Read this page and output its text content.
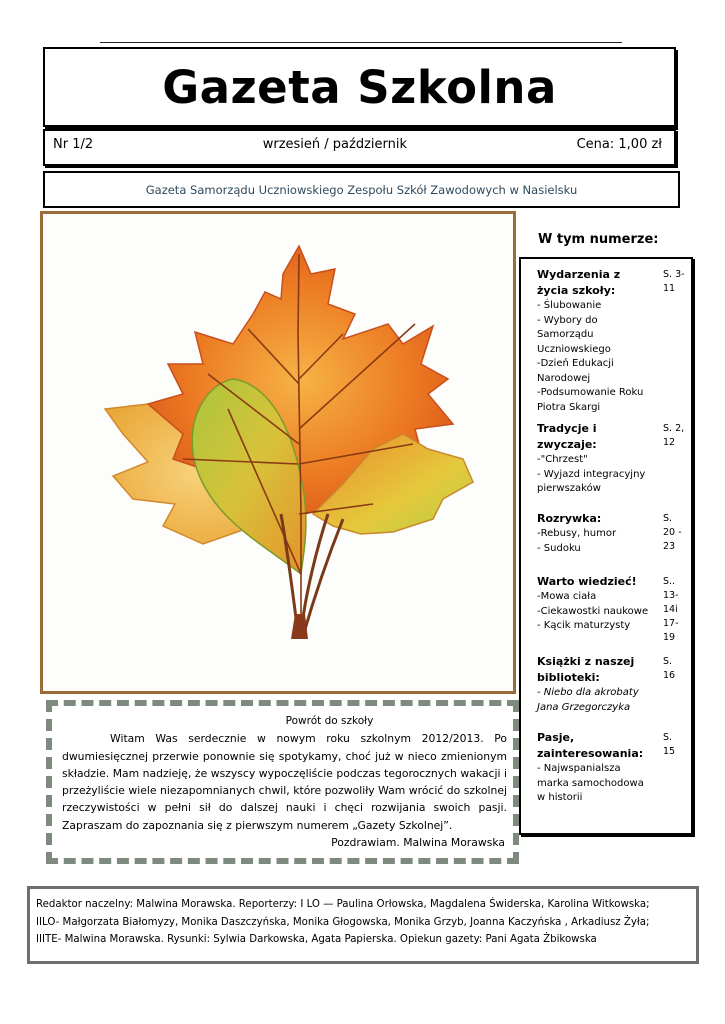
Gazeta Szkolna
Nr 1/2	wrzesień / październik	Cena: 1,00 zł
Gazeta Samorządu Uczniowskiego Zespołu Szkół Zawodowych w Nasielsku
W tym numerze:
Wydarzenia z życia szkoły:
- Ślubowanie
- Wybory do Samorządu Uczniowskiego
-Dzień Edukacji Narodowej
-Podsumowanie Roku Piotra Skargi
S. 3-11
Tradycje i zwyczaje:
-"Chrzest"
- Wyjazd integracyjny pierwszaków
S. 2, 12
Rozrywka:
-Rebusy, humor
- Sudoku
S. 20 - 23
Warto wiedzieć!
-Mowa ciała
-Ciekawostki naukowe
- Kącik maturzysty
S.. 13-14i 17-19
Książki z naszej biblioteki:
- Niebo dla akrobaty Jana Grzegorczyka
S. 16
Pasje, zainteresowania:
- Najwspanialsza marka samochodowa w historii
S. 15
Powrót do szkoły
Witam Was serdecznie w nowym roku szkolnym 2012/2013. Po dwumiesięcznej przerwie ponownie się spotykamy, choć już w nieco zmienionym składzie. Mam nadzieję, że wszyscy wypoczęliście podczas tegorocznych wakacji i przeżyliście wiele niezapomnianych chwil, które pozwoliły Wam wrócić do szkolnej rzeczywistości w pełni sił do dalszej nauki i chęci rozwijania swoich pasji. Zapraszam do zapoznania się z pierwszym numerem „Gazety Szkolnej”.
Pozdrawiam. Malwina Morawska
Redaktor naczelny: Malwina Morawska. Reporterzy: I LO — Paulina Orłowska, Magdalena Świderska, Karolina Witkowska;
IILO- Małgorzata Białomyzy, Monika Daszczyńska, Monika Głogowska, Monika Grzyb, Joanna Kaczyńska , Arkadiusz Żyła;
IIITE- Malwina Morawska. Rysunki: Sylwia Darkowska, Agata Papierska. Opiekun gazety: Pani Agata Żbikowska
